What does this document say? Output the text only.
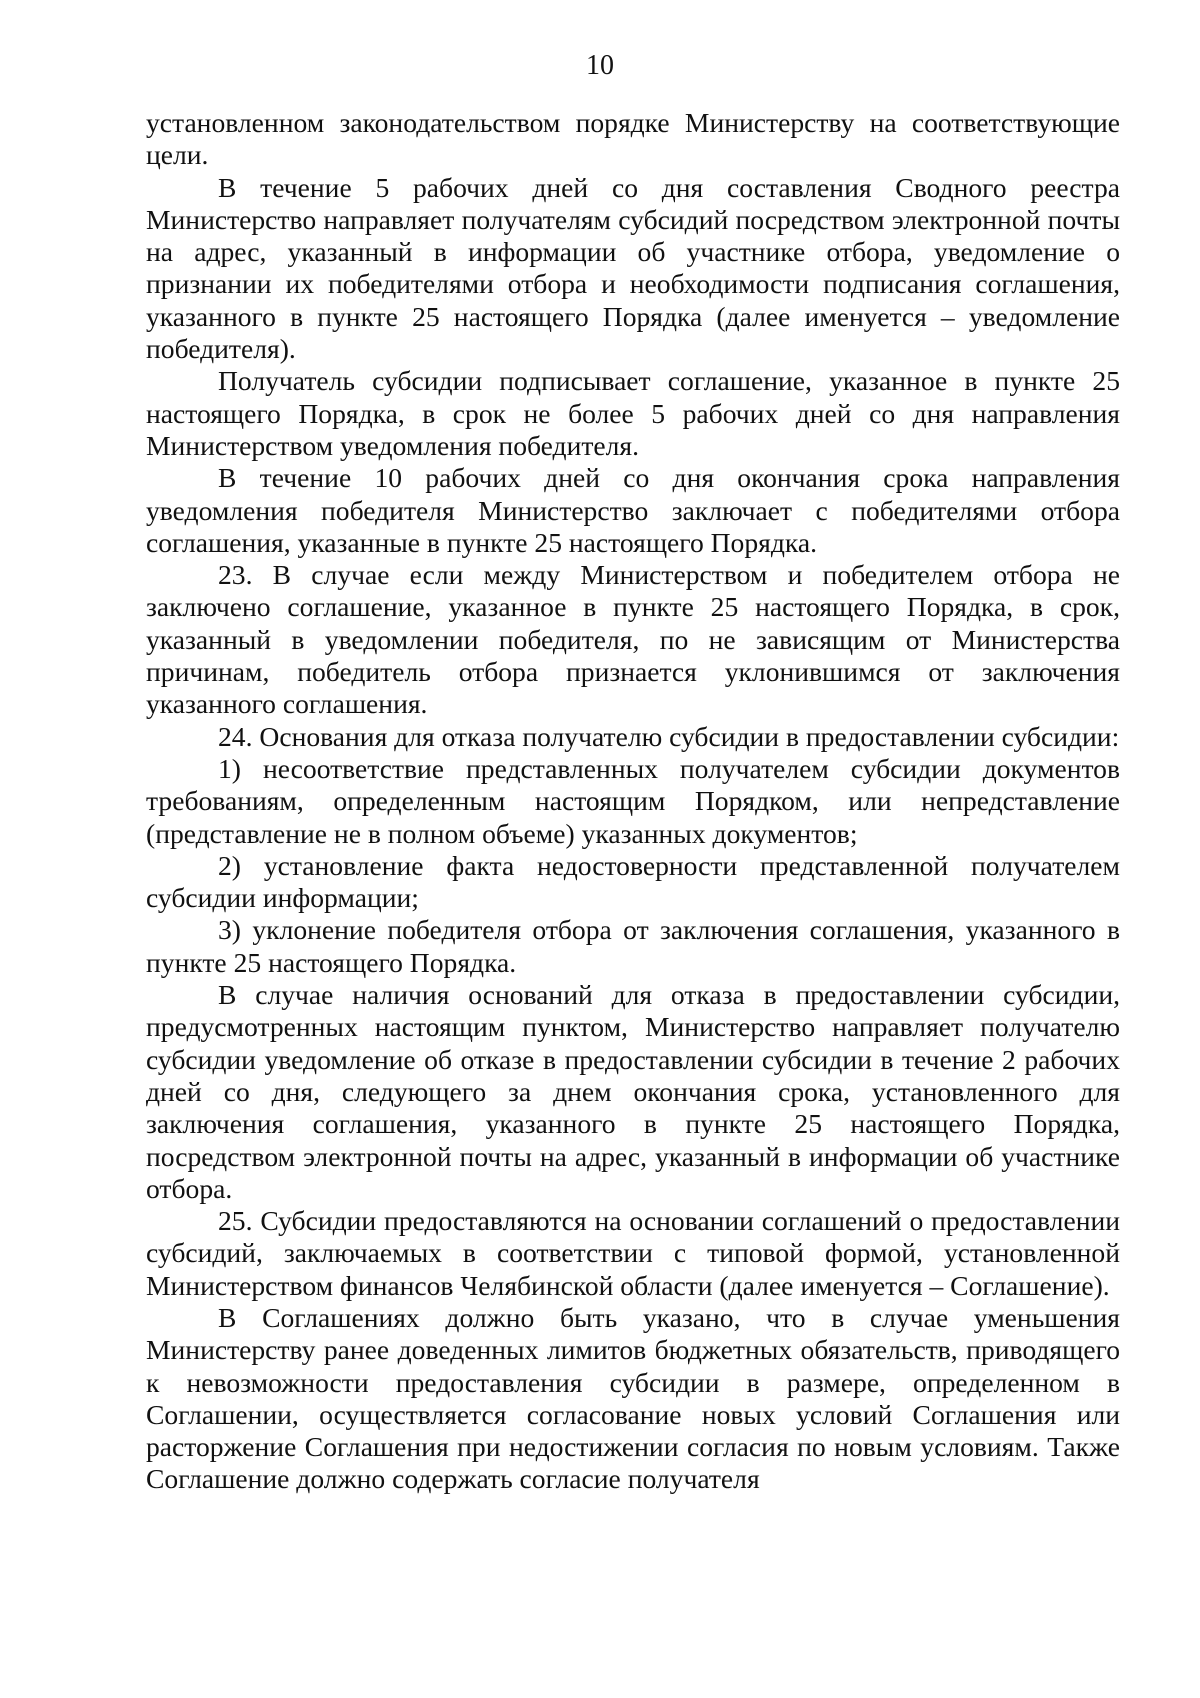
10

установленном законодательством порядке Министерству на соответствующие цели.

В течение 5 рабочих дней со дня составления Сводного реестра Министерство направляет получателям субсидий посредством электронной почты на адрес, указанный в информации об участнике отбора, уведомление о признании их победителями отбора и необходимости подписания соглашения, указанного в пункте 25 настоящего Порядка (далее именуется – уведомление победителя).

Получатель субсидии подписывает соглашение, указанное в пункте 25 настоящего Порядка, в срок не более 5 рабочих дней со дня направления Министерством уведомления победителя.

В течение 10 рабочих дней со дня окончания срока направления уведомления победителя Министерство заключает с победителями отбора соглашения, указанные в пункте 25 настоящего Порядка.

23. В случае если между Министерством и победителем отбора не заключено соглашение, указанное в пункте 25 настоящего Порядка, в срок, указанный в уведомлении победителя, по не зависящим от Министерства причинам, победитель отбора признается уклонившимся от заключения указанного соглашения.

24. Основания для отказа получателю субсидии в предоставлении субсидии:

1) несоответствие представленных получателем субсидии документов требованиям, определенным настоящим Порядком, или непредставление (представление не в полном объеме) указанных документов;

2) установление факта недостоверности представленной получателем субсидии информации;

3) уклонение победителя отбора от заключения соглашения, указанного в пункте 25 настоящего Порядка.

В случае наличия оснований для отказа в предоставлении субсидии, предусмотренных настоящим пунктом, Министерство направляет получателю субсидии уведомление об отказе в предоставлении субсидии в течение 2 рабочих дней со дня, следующего за днем окончания срока, установленного для заключения соглашения, указанного в пункте 25 настоящего Порядка, посредством электронной почты на адрес, указанный в информации об участнике отбора.

25. Субсидии предоставляются на основании соглашений о предоставлении субсидий, заключаемых в соответствии с типовой формой, установленной Министерством финансов Челябинской области (далее именуется – Соглашение).

В Соглашениях должно быть указано, что в случае уменьшения Министерству ранее доведенных лимитов бюджетных обязательств, приводящего к невозможности предоставления субсидии в размере, определенном в Соглашении, осуществляется согласование новых условий Соглашения или расторжение Соглашения при недостижении согласия по новым условиям. Также Соглашение должно содержать согласие получателя
